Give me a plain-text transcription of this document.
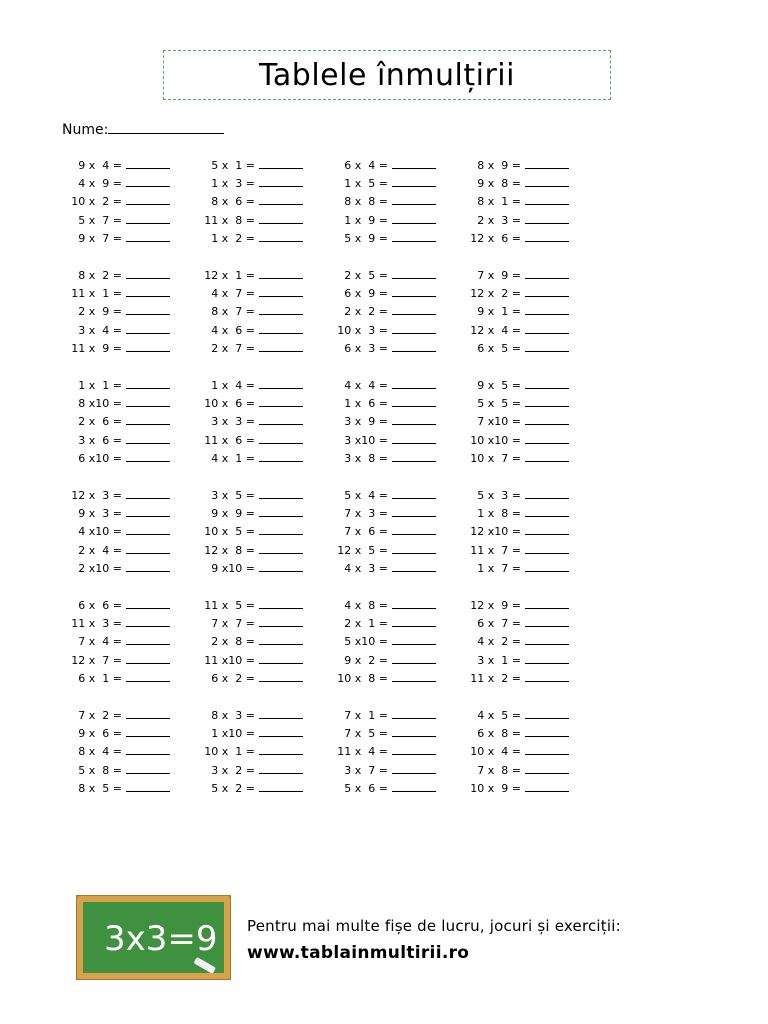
Tablele înmulțirii
Nume:
9 x  4 =
4 x  9 =
10 x  2 =
5 x  7 =
9 x  7 =
8 x  2 =
11 x  1 =
2 x  9 =
3 x  4 =
11 x  9 =
1 x  1 =
8 x10 =
2 x  6 =
3 x  6 =
6 x10 =
12 x  3 =
9 x  3 =
4 x10 =
2 x  4 =
2 x10 =
6 x  6 =
11 x  3 =
7 x  4 =
12 x  7 =
6 x  1 =
7 x  2 =
9 x  6 =
8 x  4 =
5 x  8 =
8 x  5 =
5 x  1 =
1 x  3 =
8 x  6 =
11 x  8 =
1 x  2 =
12 x  1 =
4 x  7 =
8 x  7 =
4 x  6 =
2 x  7 =
1 x  4 =
10 x  6 =
3 x  3 =
11 x  6 =
4 x  1 =
3 x  5 =
9 x  9 =
10 x  5 =
12 x  8 =
9 x10 =
11 x  5 =
7 x  7 =
2 x  8 =
11 x10 =
6 x  2 =
8 x  3 =
1 x10 =
10 x  1 =
3 x  2 =
5 x  2 =
6 x  4 =
1 x  5 =
8 x  8 =
1 x  9 =
5 x  9 =
2 x  5 =
6 x  9 =
2 x  2 =
10 x  3 =
6 x  3 =
4 x  4 =
1 x  6 =
3 x  9 =
3 x10 =
3 x  8 =
5 x  4 =
7 x  3 =
7 x  6 =
12 x  5 =
4 x  3 =
4 x  8 =
2 x  1 =
5 x10 =
9 x  2 =
10 x  8 =
7 x  1 =
7 x  5 =
11 x  4 =
3 x  7 =
5 x  6 =
8 x  9 =
9 x  8 =
8 x  1 =
2 x  3 =
12 x  6 =
7 x  9 =
12 x  2 =
9 x  1 =
12 x  4 =
6 x  5 =
9 x  5 =
5 x  5 =
7 x10 =
10 x10 =
10 x  7 =
5 x  3 =
1 x  8 =
12 x10 =
11 x  7 =
1 x  7 =
12 x  9 =
6 x  7 =
4 x  2 =
3 x  1 =
11 x  2 =
4 x  5 =
6 x  8 =
10 x  4 =
7 x  8 =
10 x  9 =
3x3=9 Pentru mai multe fișe de lucru, jocuri și exerciții:
www.tablainmultirii.ro
